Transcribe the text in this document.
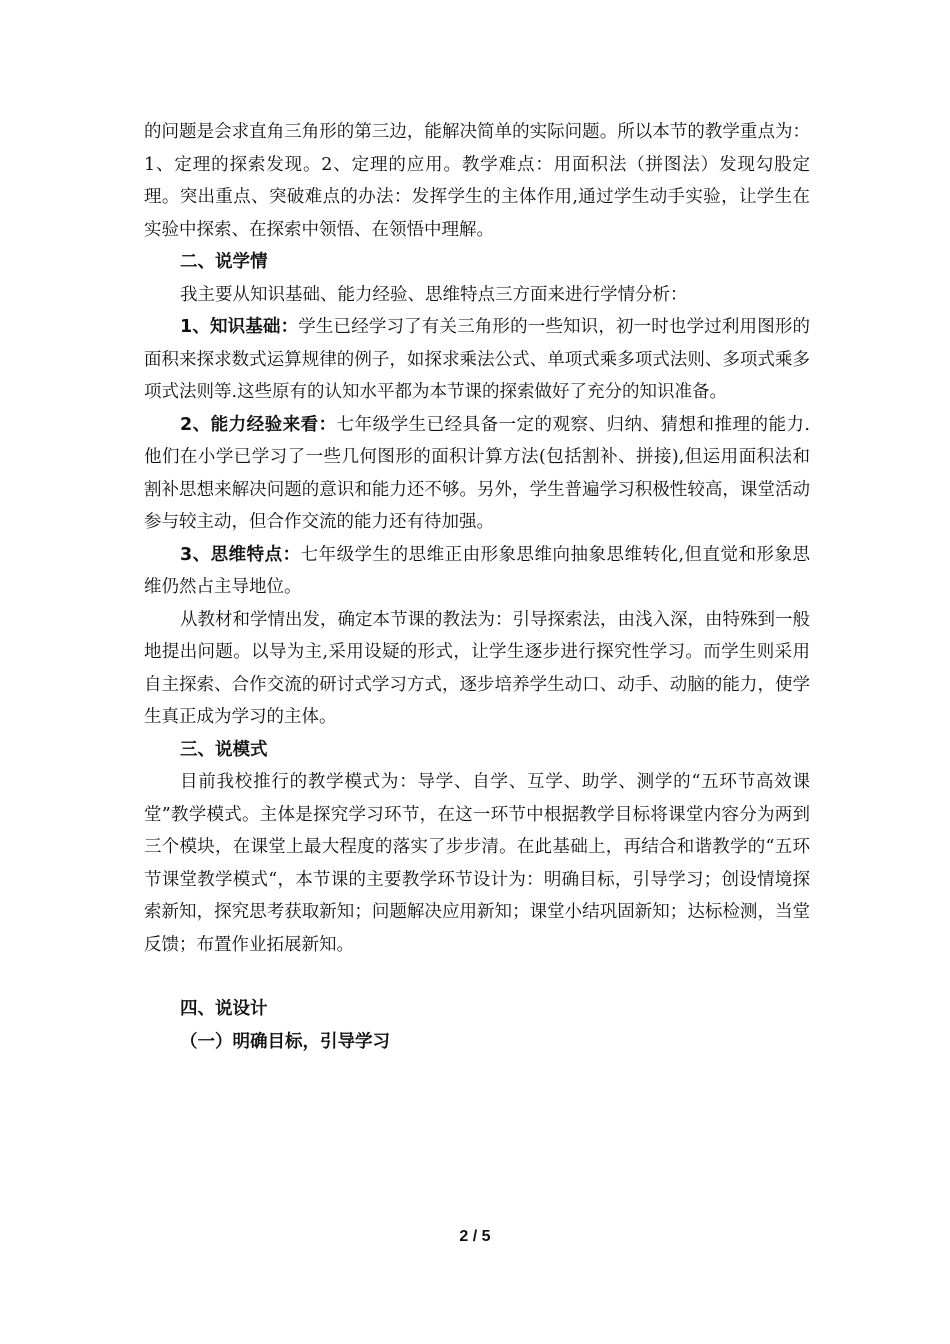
的问题是会求直角三角形的第三边，能解决简单的实际问题。所以本节的教学重点为：1、定理的探索发现。2、定理的应用。教学难点：用面积法（拼图法）发现勾股定理。突出重点、突破难点的办法：发挥学生的主体作用,通过学生动手实验，让学生在实验中探索、在探索中领悟、在领悟中理解。

二、说学情

我主要从知识基础、能力经验、思维特点三方面来进行学情分析：

1、知识基础：学生已经学习了有关三角形的一些知识，初一时也学过利用图形的面积来探求数式运算规律的例子，如探求乘法公式、单项式乘多项式法则、多项式乘多项式法则等.这些原有的认知水平都为本节课的探索做好了充分的知识准备。

2、能力经验来看：七年级学生已经具备一定的观察、归纳、猜想和推理的能力. 他们在小学已学习了一些几何图形的面积计算方法(包括割补、拼接),但运用面积法和割补思想来解决问题的意识和能力还不够。另外，学生普遍学习积极性较高，课堂活动参与较主动，但合作交流的能力还有待加强。

3、思维特点：七年级学生的思维正由形象思维向抽象思维转化,但直觉和形象思维仍然占主导地位。

从教材和学情出发，确定本节课的教法为：引导探索法，由浅入深，由特殊到一般地提出问题。以导为主,采用设疑的形式，让学生逐步进行探究性学习。而学生则采用自主探索、合作交流的研讨式学习方式，逐步培养学生动口、动手、动脑的能力，使学生真正成为学习的主体。

三、说模式

目前我校推行的教学模式为：导学、自学、互学、助学、测学的“五环节高效课堂”教学模式。主体是探究学习环节，在这一环节中根据教学目标将课堂内容分为两到三个模块，在课堂上最大程度的落实了步步清。在此基础上，再结合和谐教学的“五环节课堂教学模式“，本节课的主要教学环节设计为：明确目标，引导学习；创设情境探索新知，探究思考获取新知；问题解决应用新知；课堂小结巩固新知；达标检测，当堂反馈；布置作业拓展新知。

四、说设计

（一）明确目标，引导学习

2 / 5
